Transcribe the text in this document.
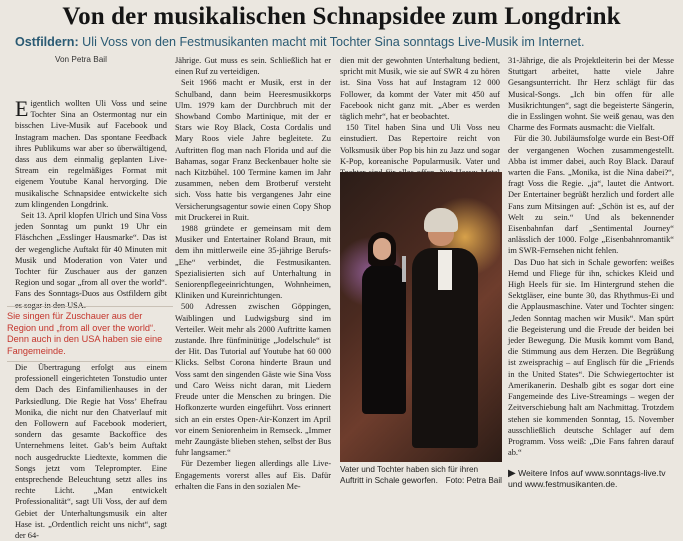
Von der musikalischen Schnapsidee zum Longdrink
Ostfildern: Uli Voss von den Festmusikanten macht mit Tochter Sina sonntags Live-Musik im Internet.
Von Petra Bail

Eigentlich wollten Uli Voss und seine Tochter Sina an Ostermontag nur ein bisschen Live-Musik auf Facebook und Instagram machen. Das spontane Feedback ihres Publikums war aber so überwältigend, dass aus dem einmalig geplanten Live-Stream ein regelmäßiges Format mit eigenem Youtube Kanal hervorging. Die musikalische Schnapsidee entwickelte sich zum klingenden Longdrink.

Seit 13. April klopfen Ulrich und Sina Voss jeden Sonntag um punkt 19 Uhr ein Fläschchen „Esslinger Hausmarke“. Das ist der wegengliche Auftakt für 40 Minuten mit Musik und Moderation von Vater und Tochter für Zuschauer aus der ganzen Region und sogar „from all over the world“. Fans des Sonntags-Duos aus Ostfildern gibt es sogar in den USA.

Sie singen für Zuschauer aus der Region und „from all over the world“. Denn auch in den USA haben sie eine Fangemeinde.

Die Übertragung erfolgt aus einem professionell eingerichteten Tonstudio unter dem Dach des Einfamilienhauses in der Parksiedlung. Die Regie hat Voss’ Ehefrau Monika, die nicht nur den Chatverlauf mit den Followern auf Facebook moderiert, sondern das gesamte Backoffice des Unternehmens leitet. Gab’s beim Auftakt noch ausgedruckte Liedtexte, kommen die Songs jetzt vom Teleprompter. Eine entsprechende Beleuchtung setzt alles ins rechte Licht. „Man entwickelt Professionalität“, sagt Uli Voss, der auf dem Gebiet der Unterhaltungsmusik ein alter Hase ist. „Ordentlich reicht uns nicht“, sagt der 64-

Jährige. Gut muss es sein. Schließlich hat er einen Ruf zu verteidigen.

Seit 1966 macht er Musik, erst in der Schulband, dann beim Heeresmusikkorps Ulm. 1979 kam der Durchbruch mit der Showband Combo Martinique, mit der er Stars wie Roy Black, Costa Cordalis und Mary Roos viele Jahre begleitete. Zu Auftritten flog man nach Florida und auf die Bahamas, sogar Franz Beckenbauer holte sie nach Kitzbühel. 100 Termine kamen im Jahr zusammen, neben dem Brotberuf versteht sich. Voss hatte bis vergangenes Jahr eine Versicherungsagentur sowie einen Copy Shop mit Druckerei in Ruit.

1988 gründete er gemeinsam mit dem Musiker und Entertainer Roland Braun, mit dem ihn mittlerweile eine 35-jährige Berufs- „Ehe“ verbindet, die Festmusikanten. Spezialisierten sich auf Unterhaltung in Seniorenpflegeeinrichtungen, Wohnheimen, Kliniken und Kureinrichtungen.

500 Adressen zwischen Göppingen, Waiblingen und Ludwigsburg sind im Verteiler. Weit mehr als 2000 Auftritte kamen zustande. Ihre fünfminütige „Jodelschule“ ist der Hit. Das Tutorial auf Youtube hat 60 000 Klicks. Selbst Corona hinderte Braun und Voss samt den singenden Gäste wie Sina Voss und Caro Weiss nicht daran, mit Liedern Freude unter die Menschen zu bringen. Die Hofkonzerte wurden eingeführt. Voss erinnert sich an ein erstes Open-Air-Konzert im April vor einem Seniorenheim in Remseck. „Immer mehr Zaungäste blieben stehen, selbst der Bus fuhr langsamer.“

Für Dezember liegen allerdings alle Live-Engagements vorerst alles auf Eis. Dafür erhalten die Fans in den sozialen Me-

dien mit der gewohnten Unterhaltung bedient, spricht mit Musik, wie sie auf SWR 4 zu hören ist. Sina Voss hat auf Instagram 12 000 Follower, da kommt der Vater mit 450 auf Facebook nicht ganz mit. „Aber es werden täglich mehr“, hat er beobachtet.

150 Titel haben Sina und Uli Voss neu einstudiert. Das Repertoire reicht von Volksmusik über Pop bis hin zu Jazz und sogar K-Pop, koreanische Popularmusik. Vater und

Vater und Tochter haben sich für ihren Auftritt in Schale geworfen. Foto: Petra Bail

31-Jährige, die als Projektleiterin bei der Messe Stuttgart arbeitet, hatte viele Jahre Gesangsunterricht. Ihr Herz schlägt für das Musical-Songs. „Ich bin offen für alle Musikrichtungen“, sagt die begeisterte Sängerin, die in Esslingen wohnt. Sie weiß genau, was den Charme des Formats ausmacht: die Vielfalt.

Für die 30. Jubiläumsfolge wurde ein Best-Off der vergangenen Wochen zusammengestellt. Abba ist immer dabei, auch Roy Black. Darauf warten die Fans. „Monika, ist die Nina dabei?“, fragt Voss die Regie. „ja“, lautet die Antwort. Der Entertainer begrüßt herzlich und fordert alle Fans zum Mitsingen auf: „Schön ist es, auf der Welt zu sein.“ Und als bekennender Eisenbahnfan darf „Sentimental Journey“ anlässlich der 1000. Folge „Eisenbahnromantik“ im SWR-Fernsehen nicht fehlen.

Das Duo hat sich in Schale geworfen: weißes Hemd und Fliege für ihn, schickes Kleid und High Heels für sie. Im Hintergrund stehen die Sektgläser, eine bunte 30, das Rhythmus-Ei und die Applausmaschine. Vater und Tochter singen: „Jeden Sonntag machen wir Musik“. Man spürt die Begeisterung und die Freude der beiden bei jeder Bewegung. Die Musik kommt vom Band, die Stimmung aus dem Herzen. Die Begrüßung ist zweisprachig – auf Englisch für die „Friends in the United States“. Die Schwiegertochter ist Amerikanerin. Deshalb gibt es sogar dort eine Fangemeinde des Live-Streamings – wegen der Zeitverschiebung halt am Nachmittag. Trotzdem stehen sie kommenden Sonntag, 15. November ausschließlich deutsche Schlager auf dem Programm. Voss weiß: „Die Fans fahren darauf ab.“

▶ Weitere Infos auf www.sonntags-live.tv und www.festmusikanten.de.
